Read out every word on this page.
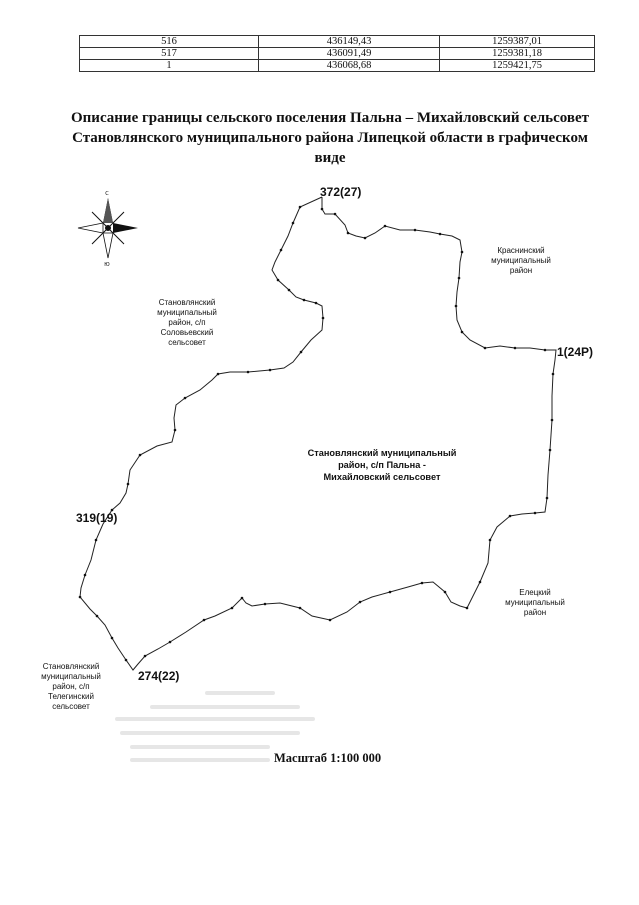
516	436149,43	1259387,01
517	436091,49	1259381,18
1	436068,68	1259421,75
Описание границы сельского поселения Пальна – Михайловский сельсовет
Становлянского муниципального района Липецкой области в графическом
виде
С
Ю
Становлянский
муниципальный
район, с/п
Соловьевский
сельсовет
Краснинский
муниципальный
район
Елецкий
муниципальный
район
Становлянский
муниципальный
район, с/п
Телегинский
сельсовет
Становлянский муниципальный
район, с/п Пальна -
Михайловский сельсовет
372(27)
1(24Р)
319(19)
274(22)
Масштаб 1:100 000
